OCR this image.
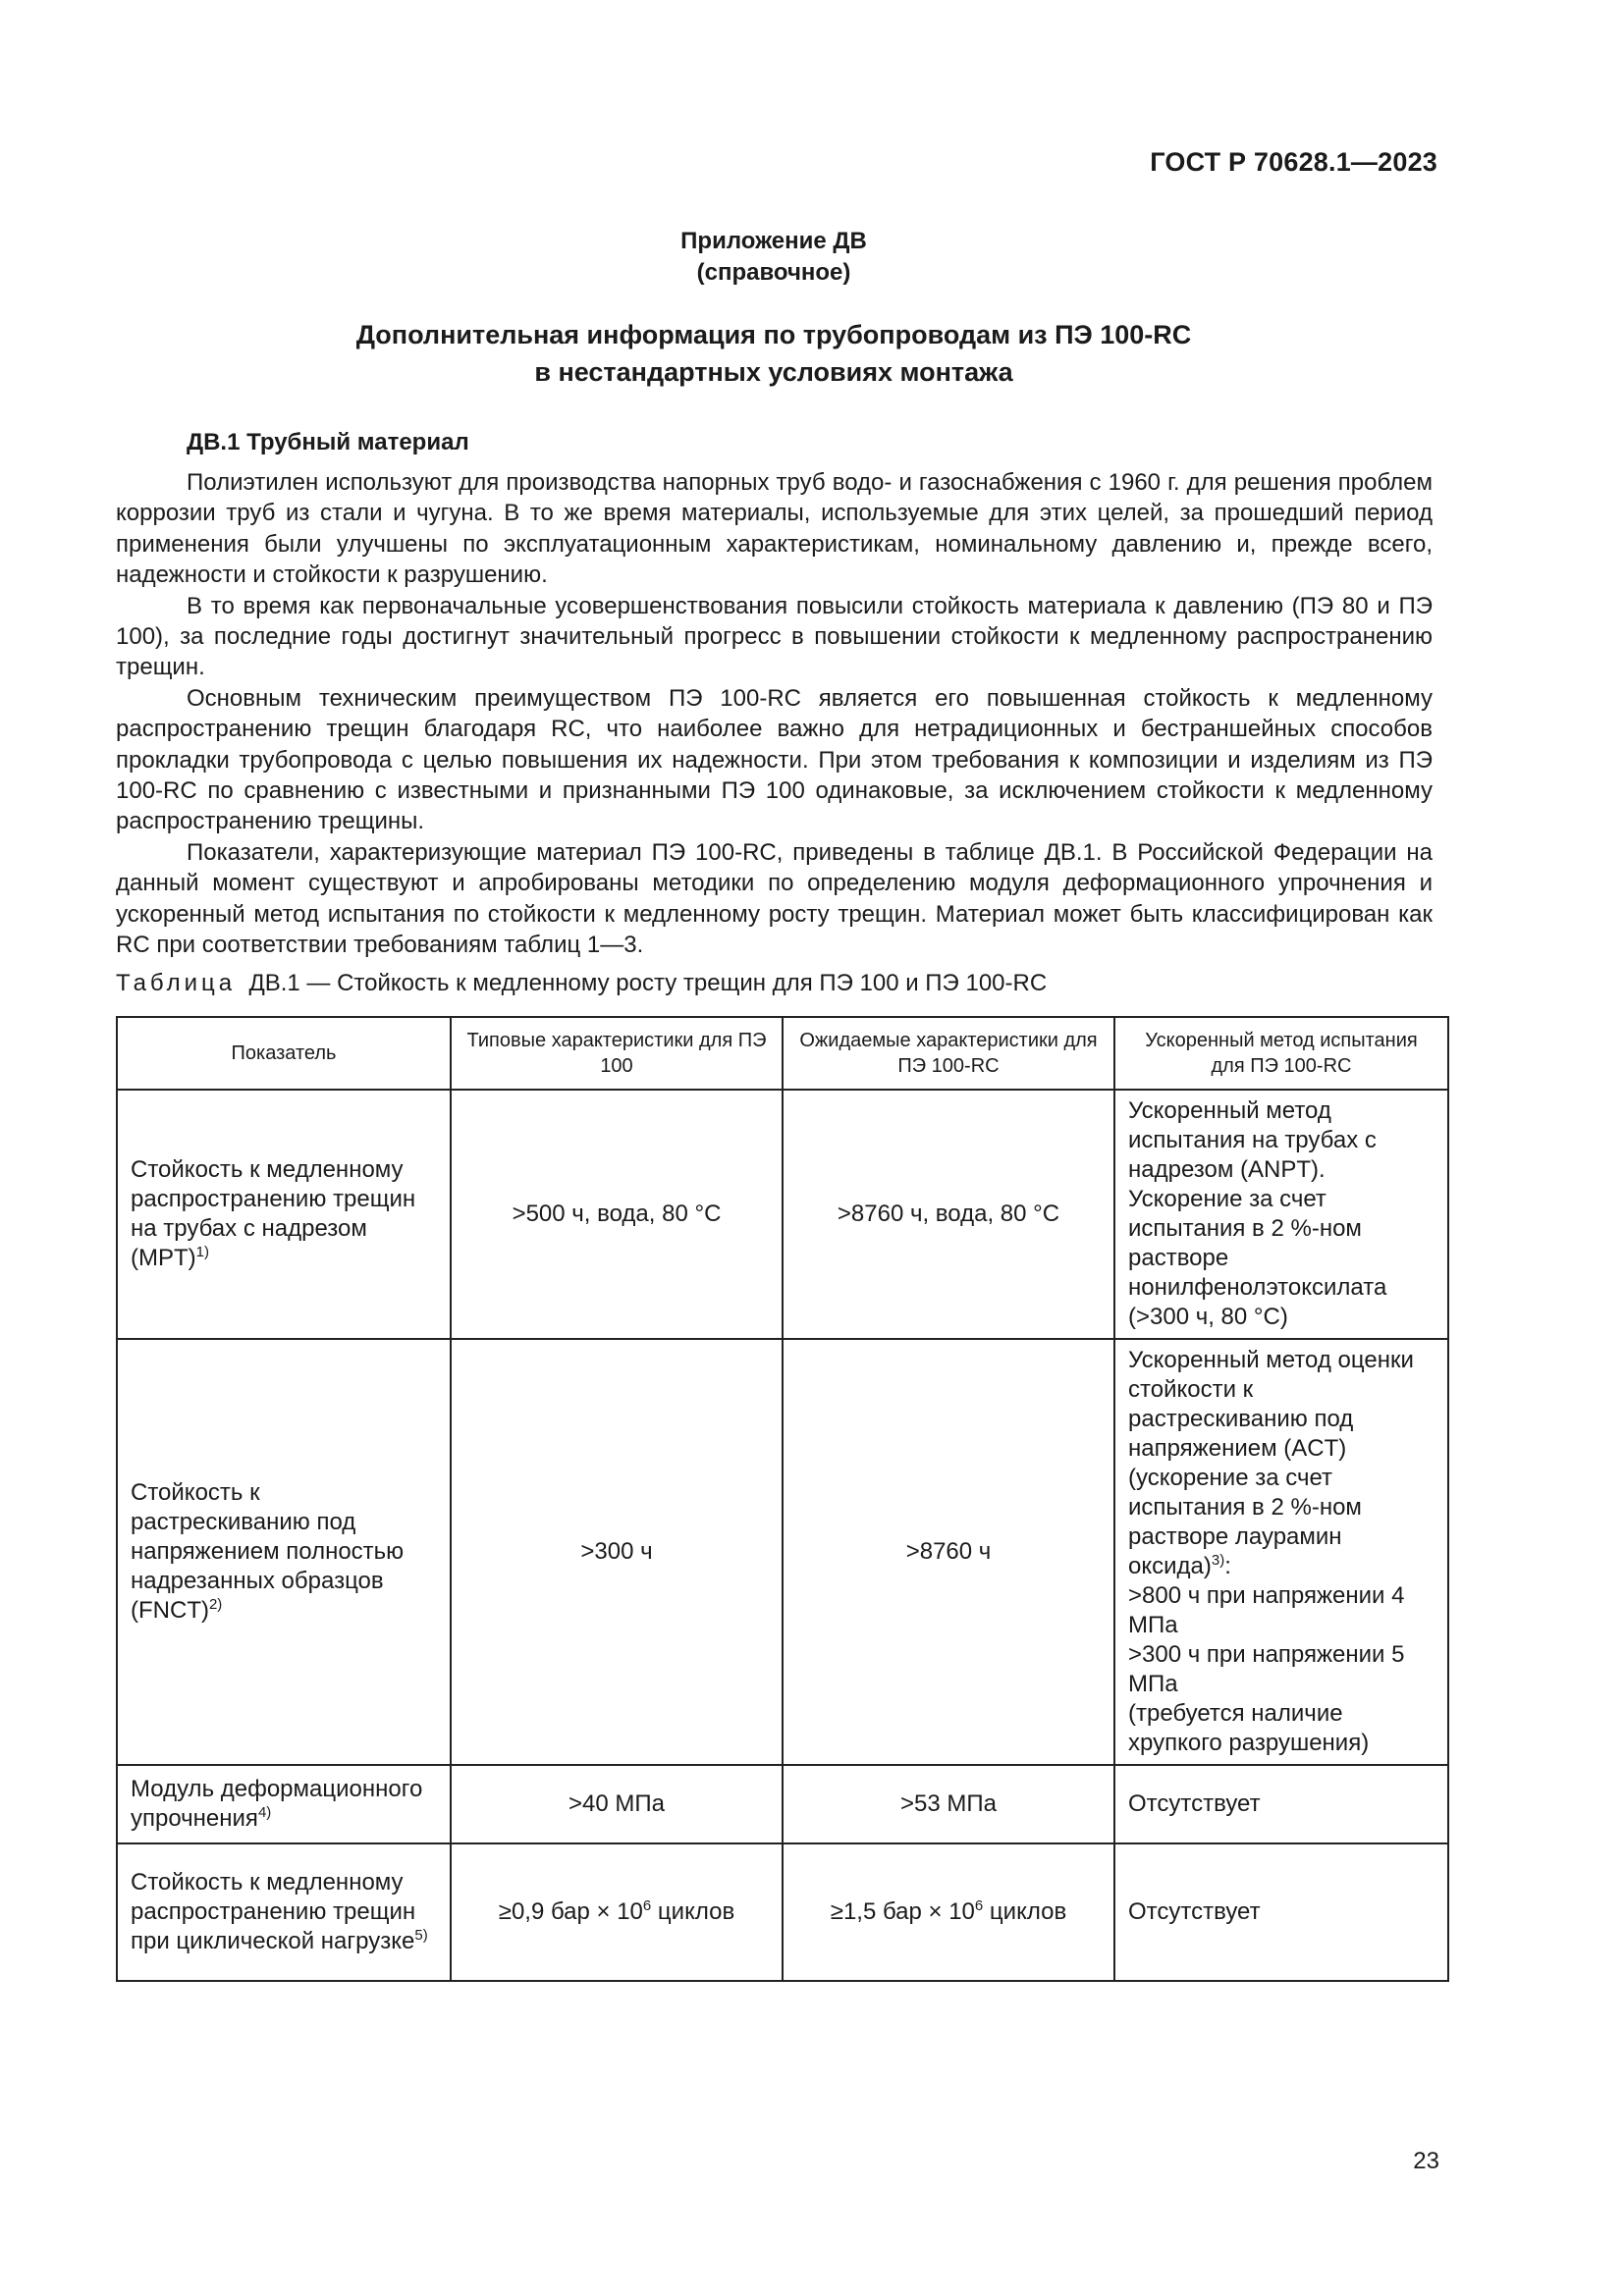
ГОСТ Р 70628.1—2023
Приложение ДВ
(справочное)
Дополнительная информация по трубопроводам из ПЭ 100-RC
в нестандартных условиях монтажа
ДВ.1 Трубный материал

Полиэтилен используют для производства напорных труб водо- и газоснабжения с 1960 г. для решения проблем коррозии труб из стали и чугуна. В то же время материалы, используемые для этих целей, за прошедший период применения были улучшены по эксплуатационным характеристикам, номинальному давлению и, прежде всего, надежности и стойкости к разрушению.

В то время как первоначальные усовершенствования повысили стойкость материала к давлению (ПЭ 80 и ПЭ 100), за последние годы достигнут значительный прогресс в повышении стойкости к медленному распространению трещин.

Основным техническим преимуществом ПЭ 100-RC является его повышенная стойкость к медленному распространению трещин благодаря RC, что наиболее важно для нетрадиционных и бестраншейных способов прокладки трубопровода с целью повышения их надежности. При этом требования к композиции и изделиям из ПЭ 100-RC по сравнению с известными и признанными ПЭ 100 одинаковые, за исключением стойкости к медленному распространению трещины.

Показатели, характеризующие материал ПЭ 100-RC, приведены в таблице ДВ.1. В Российской Федерации на данный момент существуют и апробированы методики по определению модуля деформационного упрочнения и ускоренный метод испытания по стойкости к медленному росту трещин. Материал может быть классифицирован как RC при соответствии требованиям таблиц 1—3.

Таблица ДВ.1 — Стойкость к медленному росту трещин для ПЭ 100 и ПЭ 100-RC
Показатель	Типовые характеристики для ПЭ 100	Ожидаемые характеристики для ПЭ 100-RC	Ускоренный метод испытания для ПЭ 100-RC
Стойкость к медленному распространению трещин на трубах с надрезом (MPT)$^{1)}$	>500 ч, вода, 80 °C	>8760 ч, вода, 80 °C	Ускоренный метод испытания на трубах с надрезом (ANPT). Ускорение за счет испытания в 2 %-ном растворе нонилфенолэтоксилата (>300 ч, 80 °C)
Стойкость к растрескиванию под напряжением полностью надрезанных образцов (FNCT)$^{2)}$	>300 ч	>8760 ч	Ускоренный метод оценки стойкости к растрескиванию под напряжением (ACT) (ускорение за счет испытания в 2 %-ном растворе лаурамин оксида)$^{3)}$:
>800 ч при напряжении 4 МПа
>300 ч при напряжении 5 МПа
(требуется наличие хрупкого разрушения)
Модуль деформационного упрочнения$^{4)}$	>40 МПа	>53 МПа	Отсутствует
Стойкость к медленному распространению трещин при циклической нагрузке$^{5)}$	≥0,9 бар × $10^6$ циклов	≥1,5 бар × $10^6$ циклов	Отсутствует
23
